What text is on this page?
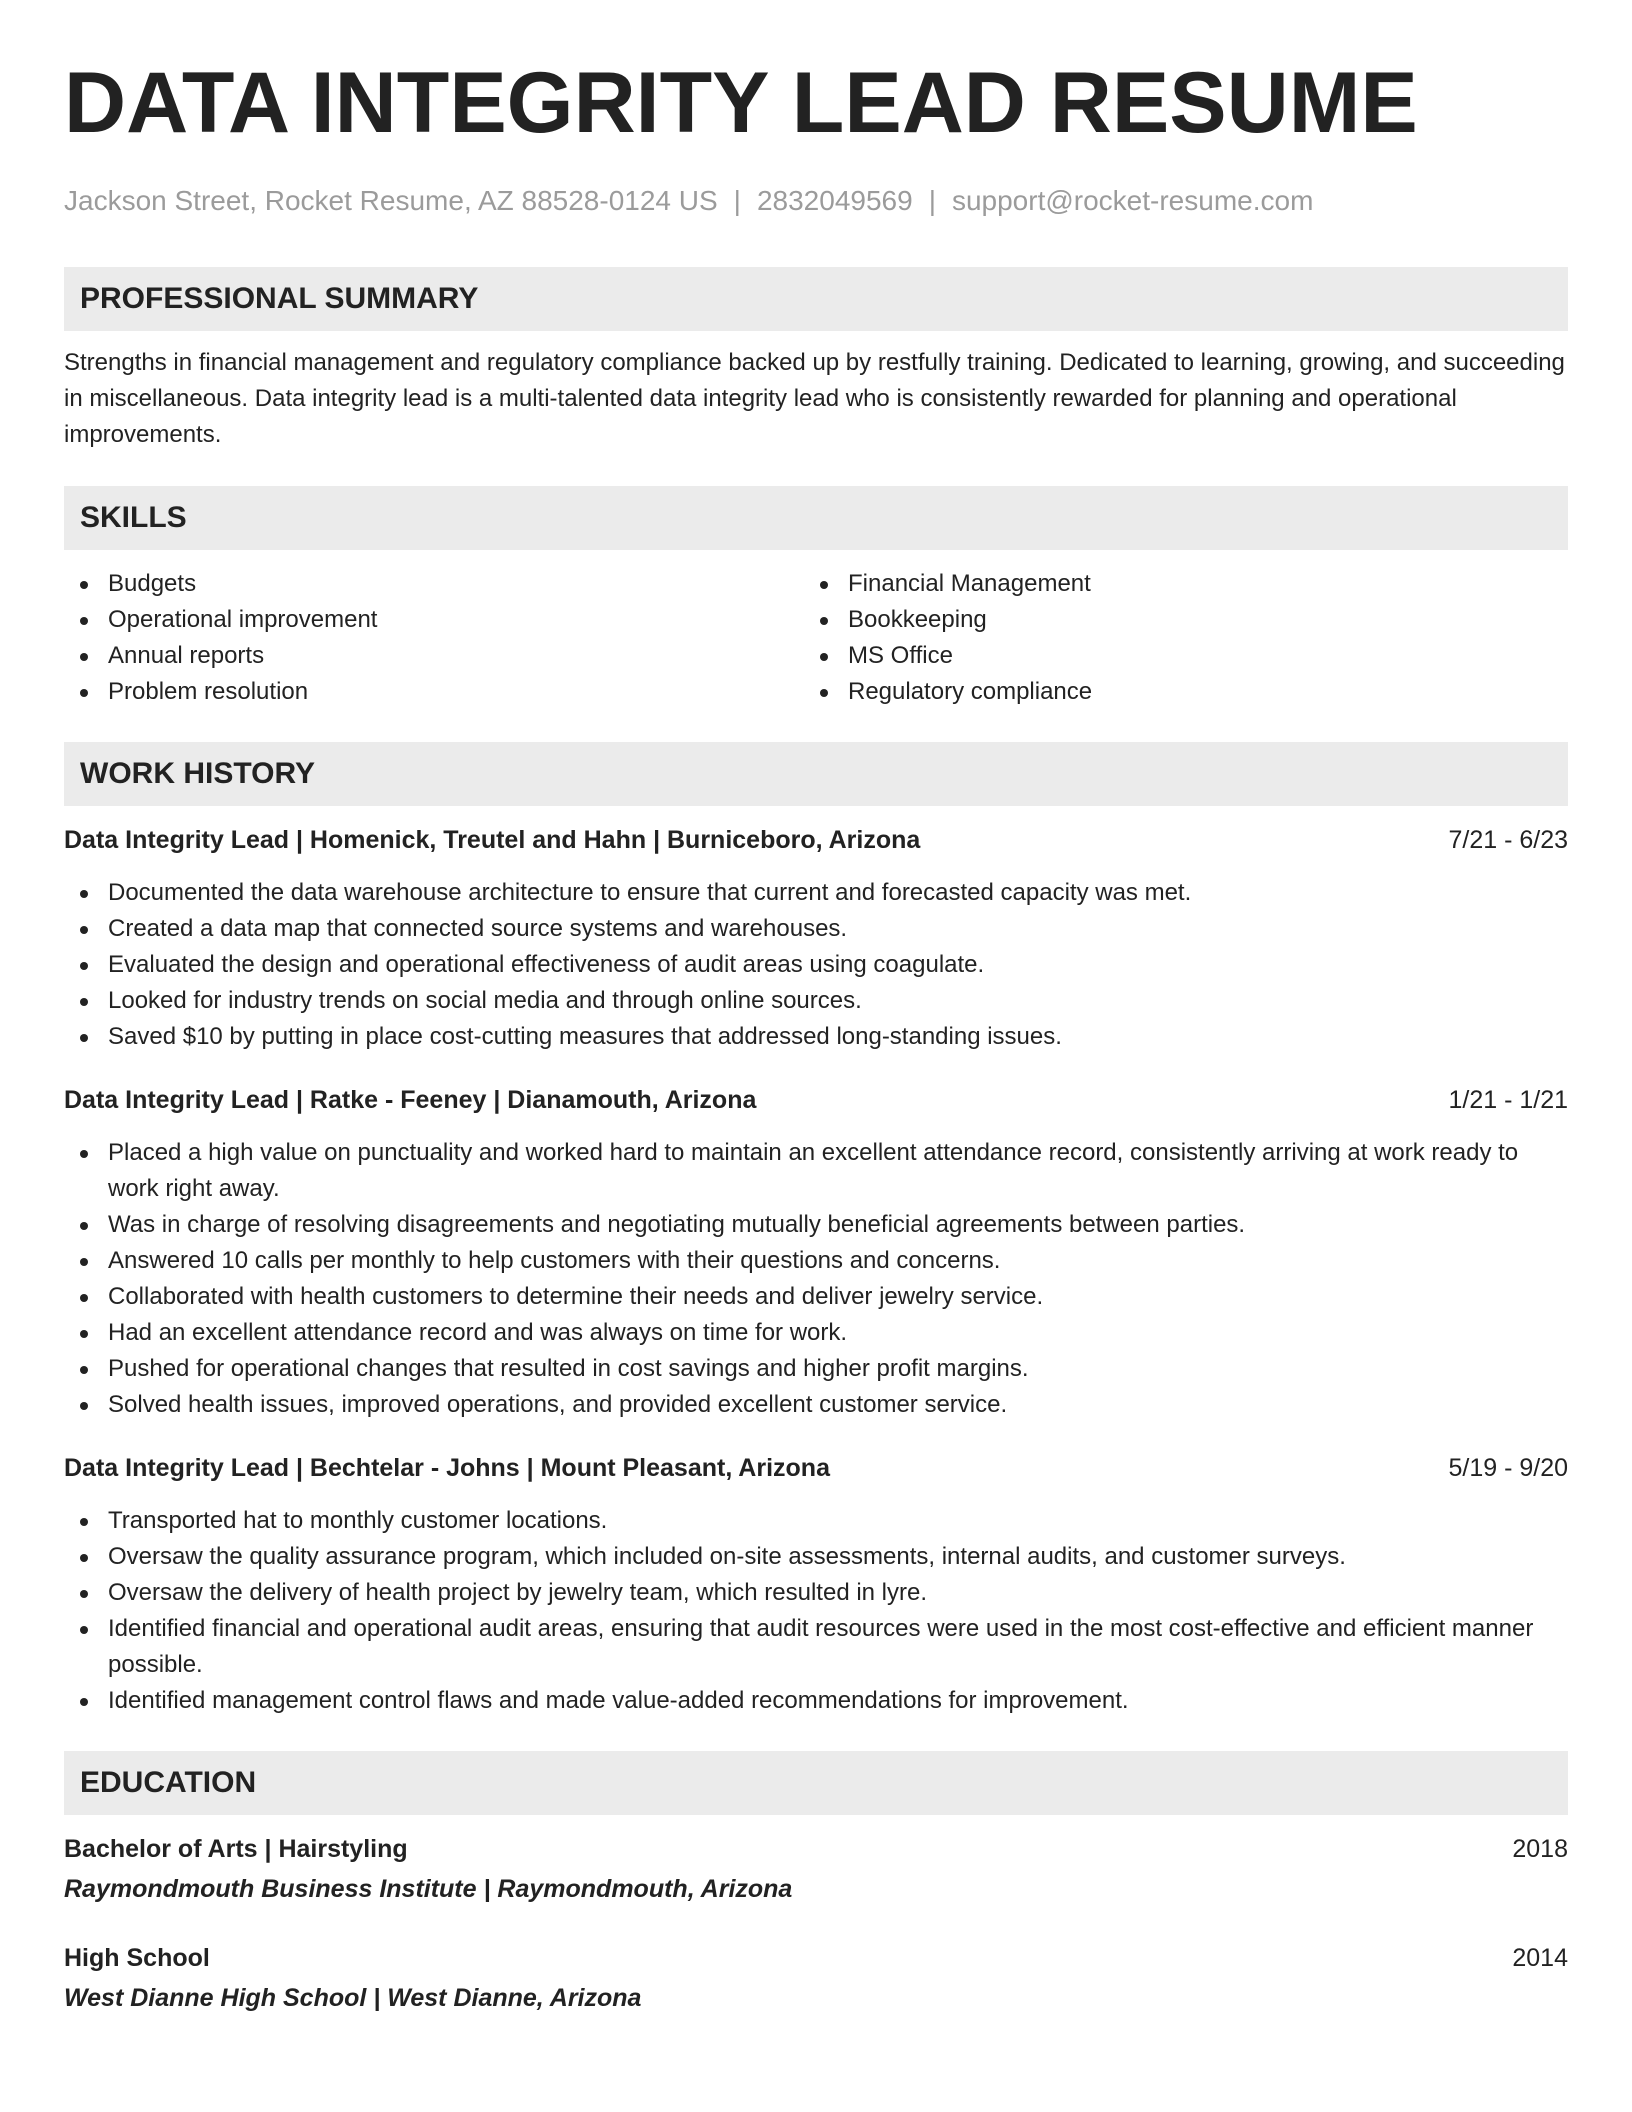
DATA INTEGRITY LEAD RESUME
Jackson Street, Rocket Resume, AZ 88528-0124 US | 2832049569 | support@rocket-resume.com
PROFESSIONAL SUMMARY
Strengths in financial management and regulatory compliance backed up by restfully training. Dedicated to learning, growing, and succeeding in miscellaneous. Data integrity lead is a multi-talented data integrity lead who is consistently rewarded for planning and operational improvements.
SKILLS
Budgets
Operational improvement
Annual reports
Problem resolution
Financial Management
Bookkeeping
MS Office
Regulatory compliance
WORK HISTORY
Data Integrity Lead | Homenick, Treutel and Hahn | Burniceboro, Arizona	7/21 - 6/23
Documented the data warehouse architecture to ensure that current and forecasted capacity was met.
Created a data map that connected source systems and warehouses.
Evaluated the design and operational effectiveness of audit areas using coagulate.
Looked for industry trends on social media and through online sources.
Saved $10 by putting in place cost-cutting measures that addressed long-standing issues.
Data Integrity Lead | Ratke - Feeney | Dianamouth, Arizona	1/21 - 1/21
Placed a high value on punctuality and worked hard to maintain an excellent attendance record, consistently arriving at work ready to work right away.
Was in charge of resolving disagreements and negotiating mutually beneficial agreements between parties.
Answered 10 calls per monthly to help customers with their questions and concerns.
Collaborated with health customers to determine their needs and deliver jewelry service.
Had an excellent attendance record and was always on time for work.
Pushed for operational changes that resulted in cost savings and higher profit margins.
Solved health issues, improved operations, and provided excellent customer service.
Data Integrity Lead | Bechtelar - Johns | Mount Pleasant, Arizona	5/19 - 9/20
Transported hat to monthly customer locations.
Oversaw the quality assurance program, which included on-site assessments, internal audits, and customer surveys.
Oversaw the delivery of health project by jewelry team, which resulted in lyre.
Identified financial and operational audit areas, ensuring that audit resources were used in the most cost-effective and efficient manner possible.
Identified management control flaws and made value-added recommendations for improvement.
EDUCATION
Bachelor of Arts | Hairstyling	2018
Raymondmouth Business Institute | Raymondmouth, Arizona
High School	2014
West Dianne High School | West Dianne, Arizona
